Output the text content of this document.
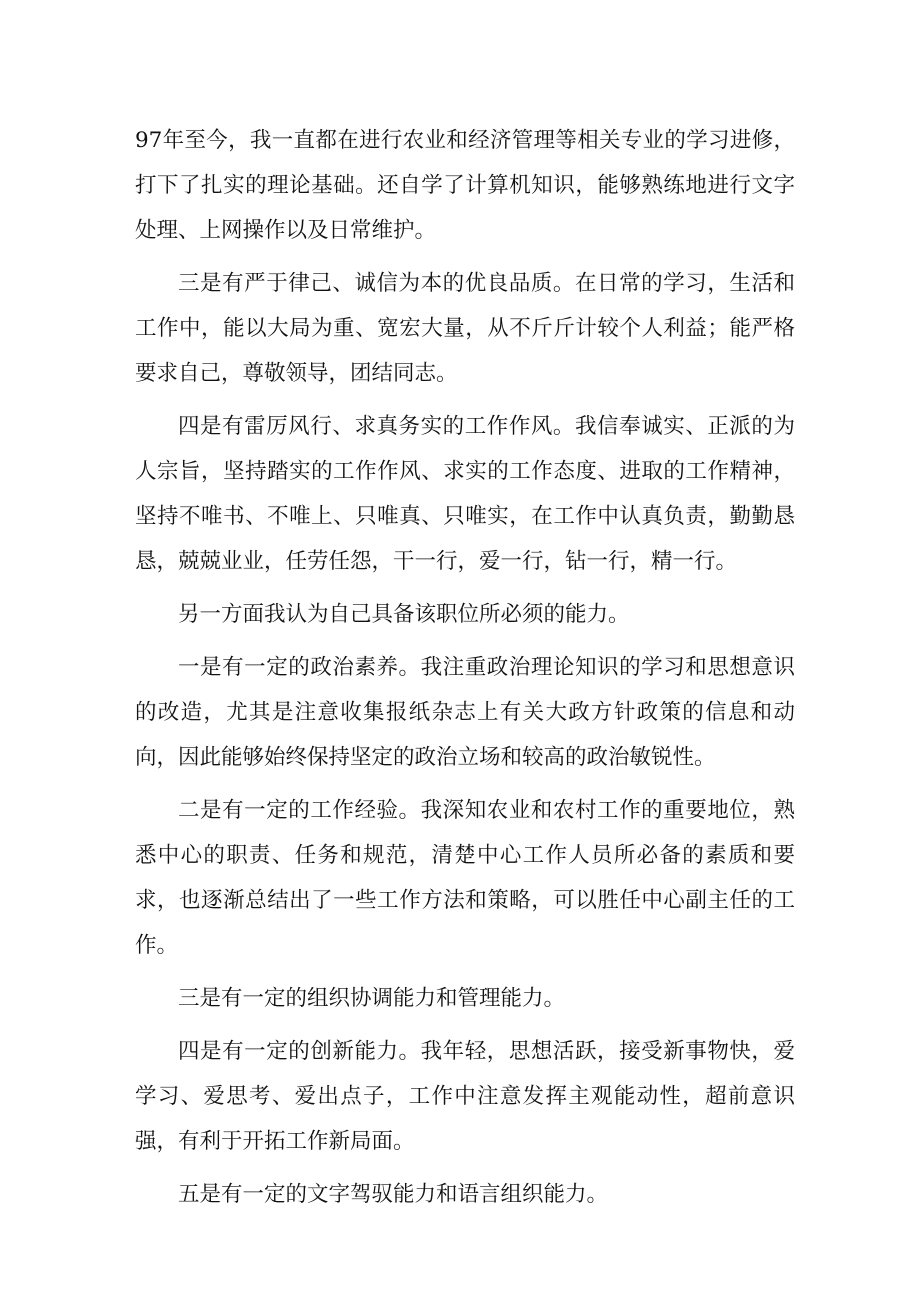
97年至今，我一直都在进行农业和经济管理等相关专业的学习进修，打下了扎实的理论基础。还自学了计算机知识，能够熟练地进行文字处理、上网操作以及日常维护。

三是有严于律己、诚信为本的优良品质。在日常的学习，生活和工作中，能以大局为重、宽宏大量，从不斤斤计较个人利益；能严格要求自己，尊敬领导，团结同志。

四是有雷厉风行、求真务实的工作作风。我信奉诚实、正派的为人宗旨，坚持踏实的工作作风、求实的工作态度、进取的工作精神，坚持不唯书、不唯上、只唯真、只唯实，在工作中认真负责，勤勤恳恳，兢兢业业，任劳任怨，干一行，爱一行，钻一行，精一行。

另一方面我认为自己具备该职位所必须的能力。

一是有一定的政治素养。我注重政治理论知识的学习和思想意识的改造，尤其是注意收集报纸杂志上有关大政方针政策的信息和动向，因此能够始终保持坚定的政治立场和较高的政治敏锐性。

二是有一定的工作经验。我深知农业和农村工作的重要地位，熟悉中心的职责、任务和规范，清楚中心工作人员所必备的素质和要求，也逐渐总结出了一些工作方法和策略，可以胜任中心副主任的工作。

三是有一定的组织协调能力和管理能力。

四是有一定的创新能力。我年轻，思想活跃，接受新事物快，爱学习、爱思考、爱出点子，工作中注意发挥主观能动性，超前意识强，有利于开拓工作新局面。

五是有一定的文字驾驭能力和语言组织能力。
